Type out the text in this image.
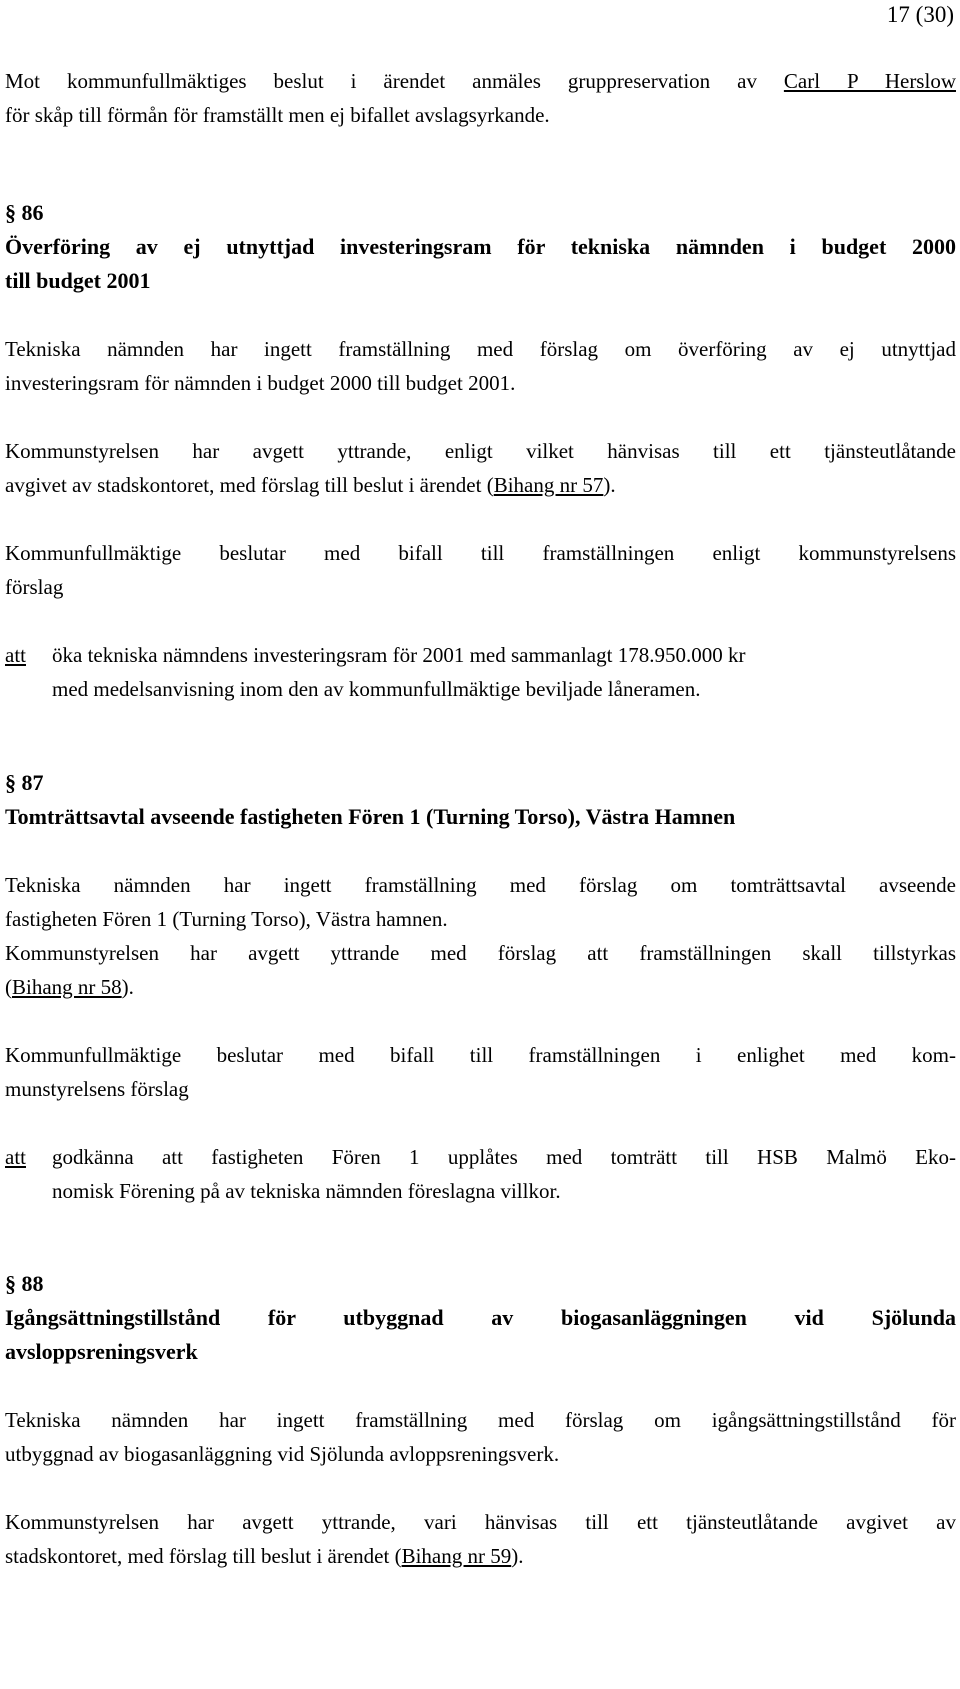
17 (30)

Mot kommunfullmäktiges beslut i ärendet anmäles gruppreservation av Carl P Herslow

för skåp till förmån för framställt men ej bifallet avslagsyrkande.

§ 86

Överföring av ej utnyttjad investeringsram för tekniska nämnden i budget 2000

till budget 2001

Tekniska nämnden har ingett framställning med förslag om överföring av ej utnyttjad

investeringsram för nämnden i budget 2000 till budget 2001.

Kommunstyrelsen har avgett yttrande, enligt vilket hänvisas till ett tjänsteutlåtande

avgivet av stadskontoret, med förslag till beslut i ärendet (Bihang nr 57).

Kommunfullmäktige beslutar med bifall till framställningen enligt kommunstyrelsens

förslag

att	öka tekniska nämndens investeringsram för 2001 med sammanlagt 178.950.000 kr

med medelsanvisning inom den av kommunfullmäktige beviljade låneramen.

§ 87

Tomträttsavtal avseende fastigheten Fören 1 (Turning Torso), Västra Hamnen

Tekniska nämnden har ingett framställning med förslag om tomträttsavtal avseende

fastigheten Fören 1 (Turning Torso), Västra hamnen.

Kommunstyrelsen har avgett yttrande med förslag att framställningen skall tillstyrkas

(Bihang nr 58).

Kommunfullmäktige beslutar med bifall till framställningen i enlighet med kom-

munstyrelsens förslag

att	godkänna att fastigheten Fören 1 upplåtes med tomträtt till HSB Malmö Eko-

nomisk Förening på av tekniska nämnden föreslagna villkor.

§ 88

Igångsättningstillstånd för utbyggnad av biogasanläggningen vid Sjölunda

avsloppsreningsverk

Tekniska nämnden har ingett framställning med förslag om igångsättningstillstånd för

utbyggnad av biogasanläggning vid Sjölunda avloppsreningsverk.

Kommunstyrelsen har avgett yttrande, vari hänvisas till ett tjänsteutlåtande avgivet av

stadskontoret, med förslag till beslut i ärendet (Bihang nr 59).
